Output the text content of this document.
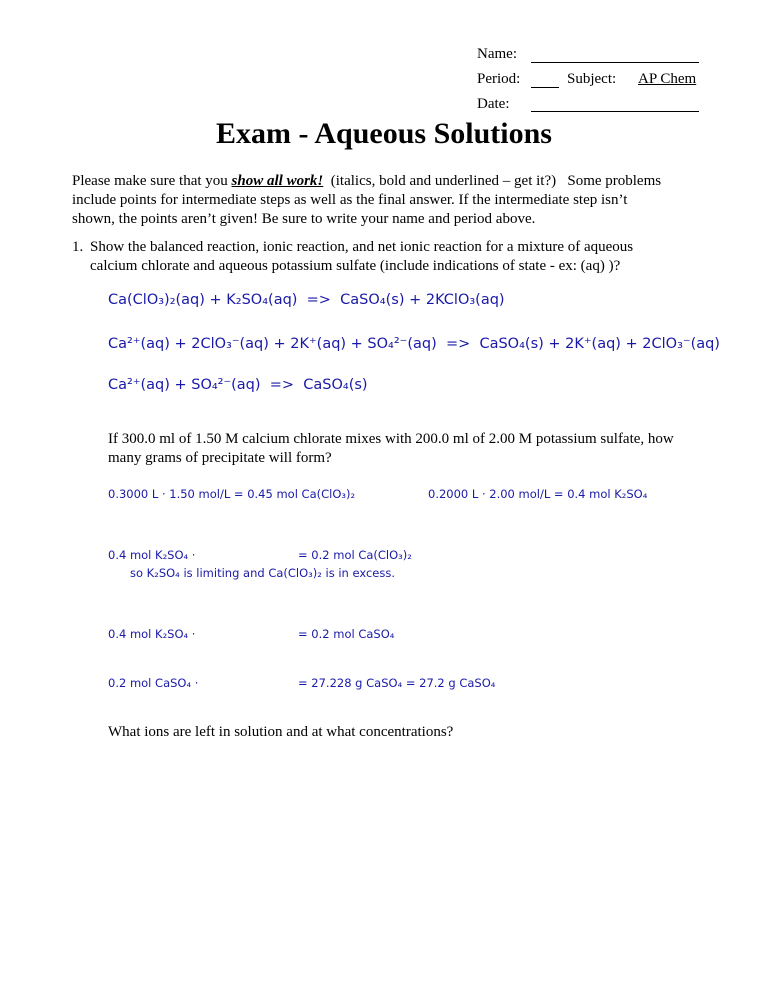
Name:
Period:	Subject: AP Chem
Date:
Exam - Aqueous Solutions
Please make sure that you show all work!  (italics, bold and underlined – get it?)   Some problems
include points for intermediate steps as well as the final answer. If the intermediate step isn’t
shown, the points aren’t given! Be sure to write your name and period above.
1. Show the balanced reaction, ionic reaction, and net ionic reaction for a mixture of aqueous
calcium chlorate and aqueous potassium sulfate (include indications of state - ex: (aq) )?
Ca(ClO₃)₂(aq) + K₂SO₄(aq)  =>  CaSO₄(s) + 2KClO₃(aq)
Ca²⁺(aq) + 2ClO₃⁻(aq) + 2K⁺(aq) + SO₄²⁻(aq)  =>  CaSO₄(s) + 2K⁺(aq) + 2ClO₃⁻(aq)
Ca²⁺(aq) + SO₄²⁻(aq)  =>  CaSO₄(s)
If 300.0 ml of 1.50 M calcium chlorate mixes with 200.0 ml of 2.00 M potassium sulfate, how
many grams of precipitate will form?
0.3000 L · 1.50 mol/L = 0.45 mol Ca(ClO₃)₂	0.2000 L · 2.00 mol/L = 0.4 mol K₂SO₄
0.4 mol K₂SO₄ ·	= 0.2 mol Ca(ClO₃)₂
so K₂SO₄ is limiting and Ca(ClO₃)₂ is in excess.
0.4 mol K₂SO₄ ·	= 0.2 mol CaSO₄
0.2 mol CaSO₄ ·	= 27.228 g CaSO₄ = 27.2 g CaSO₄
What ions are left in solution and at what concentrations?
